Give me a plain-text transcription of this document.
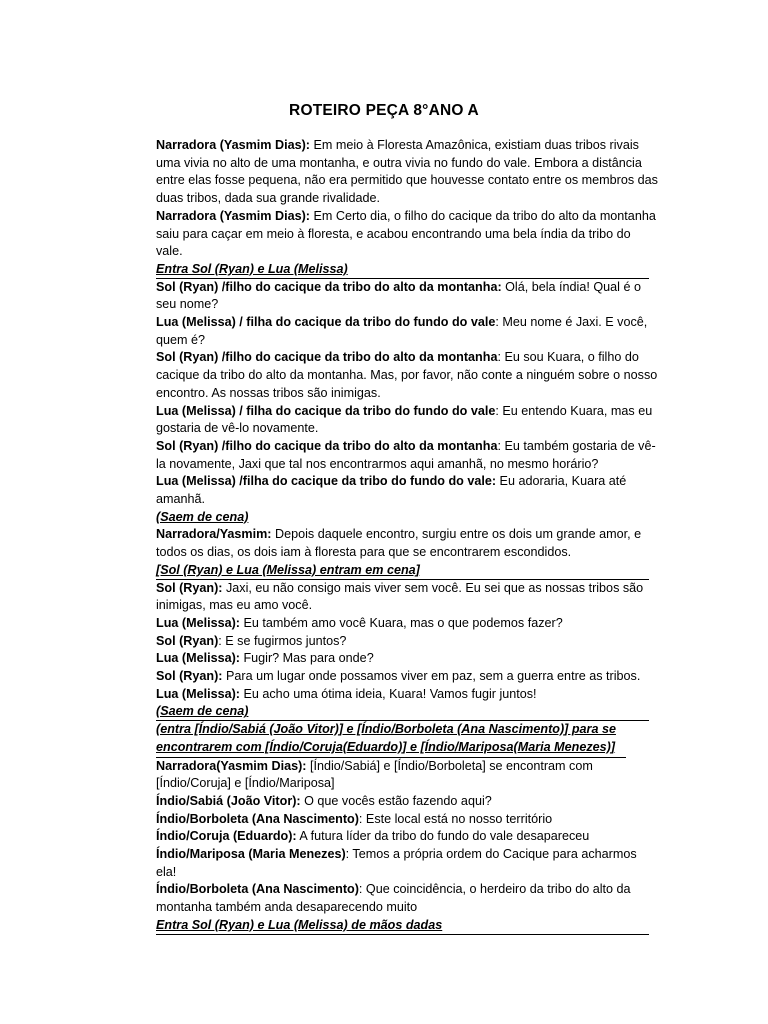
ROTEIRO PEÇA 8°ANO A

Narradora (Yasmim Dias): Em meio à Floresta Amazônica, existiam duas tribos rivais uma vivia no alto de uma montanha, e outra vivia no fundo do vale. Embora a distância entre elas fosse pequena, não era permitido que houvesse contato entre os membros das duas tribos, dada sua grande rivalidade.

Narradora (Yasmim Dias): Em Certo dia, o filho do cacique da tribo do alto da montanha saiu para caçar em meio à floresta, e acabou encontrando uma bela índia da tribo do vale.

Entra Sol (Ryan) e Lua (Melissa)

Sol (Ryan) /filho do cacique da tribo do alto da montanha: Olá, bela índia! Qual é o seu nome?

Lua (Melissa) / filha do cacique da tribo do fundo do vale: Meu nome é Jaxi. E você, quem é?

Sol (Ryan) /filho do cacique da tribo do alto da montanha: Eu sou Kuara, o filho do cacique da tribo do alto da montanha. Mas, por favor, não conte a ninguém sobre o nosso encontro. As nossas tribos são inimigas.

Lua (Melissa) / filha do cacique da tribo do fundo do vale: Eu entendo Kuara, mas eu gostaria de vê-lo novamente.

Sol (Ryan) /filho do cacique da tribo do alto da montanha: Eu também gostaria de vê-la novamente, Jaxi que tal nos encontrarmos aqui amanhã, no mesmo horário?

Lua (Melissa) /filha do cacique da tribo do fundo do vale: Eu adoraria, Kuara até amanhã.

(Saem de cena)

Narradora/Yasmim: Depois daquele encontro, surgiu entre os dois um grande amor, e todos os dias, os dois iam à floresta para que se encontrarem escondidos.

[Sol (Ryan) e Lua (Melissa) entram em cena]

Sol (Ryan): Jaxi, eu não consigo mais viver sem você. Eu sei que as nossas tribos são inimigas, mas eu amo você.

Lua (Melissa): Eu também amo você Kuara, mas o que podemos fazer?

Sol (Ryan): E se fugirmos juntos?

Lua (Melissa): Fugir? Mas para onde?

Sol (Ryan): Para um lugar onde possamos viver em paz, sem a guerra entre as tribos.

Lua (Melissa): Eu acho uma ótima ideia, Kuara! Vamos fugir juntos!

(Saem de cena)

(entra [Índio/Sabiá (João Vitor)] e [Índio/Borboleta (Ana Nascimento)] para se encontrarem com [Índio/Coruja(Eduardo)] e [Índio/Mariposa(Maria Menezes)]

Narradora(Yasmim Dias): [Índio/Sabiá] e [Índio/Borboleta] se encontram com [Índio/Coruja] e [Índio/Mariposa]

Índio/Sabiá (João Vitor): O que vocês estão fazendo aqui?

Índio/Borboleta (Ana Nascimento): Este local está no nosso território

Índio/Coruja (Eduardo): A futura líder da tribo do fundo do vale desapareceu

Índio/Mariposa (Maria Menezes): Temos a própria ordem do Cacique para acharmos ela!

Índio/Borboleta (Ana Nascimento): Que coincidência, o herdeiro da tribo do alto da montanha também anda desaparecendo muito

Entra Sol (Ryan) e Lua (Melissa) de mãos dadas
